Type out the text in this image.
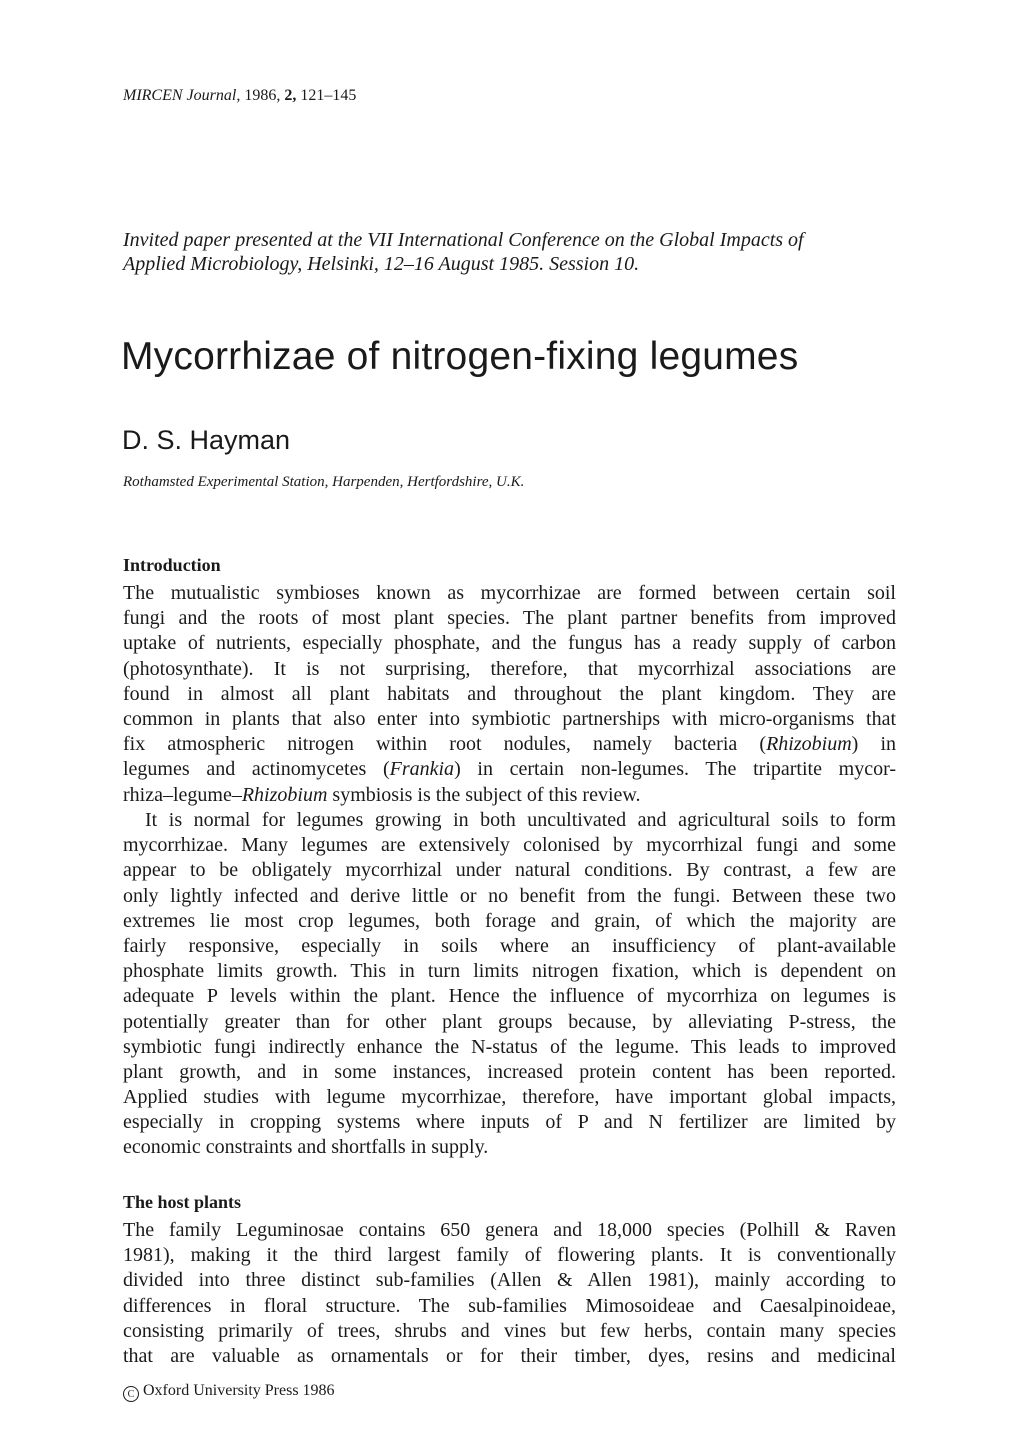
MIRCEN Journal, 1986, 2, 121–145
Invited paper presented at the VII International Conference on the Global Impacts of
Applied Microbiology, Helsinki, 12–16 August 1985. Session 10.
Mycorrhizae of nitrogen-fixing legumes
D. S. Hayman
Rothamsted Experimental Station, Harpenden, Hertfordshire, U.K.
Introduction
The mutualistic symbioses known as mycorrhizae are formed between certain soil
fungi and the roots of most plant species. The plant partner benefits from improved
uptake of nutrients, especially phosphate, and the fungus has a ready supply of carbon
(photosynthate). It is not surprising, therefore, that mycorrhizal associations are
found in almost all plant habitats and throughout the plant kingdom. They are
common in plants that also enter into symbiotic partnerships with micro-organisms that
fix atmospheric nitrogen within root nodules, namely bacteria (Rhizobium) in
legumes and actinomycetes (Frankia) in certain non-legumes. The tripartite mycor-
rhiza–legume–Rhizobium symbiosis is the subject of this review.
It is normal for legumes growing in both uncultivated and agricultural soils to form
mycorrhizae. Many legumes are extensively colonised by mycorrhizal fungi and some
appear to be obligately mycorrhizal under natural conditions. By contrast, a few are
only lightly infected and derive little or no benefit from the fungi. Between these two
extremes lie most crop legumes, both forage and grain, of which the majority are
fairly responsive, especially in soils where an insufficiency of plant-available
phosphate limits growth. This in turn limits nitrogen fixation, which is dependent on
adequate P levels within the plant. Hence the influence of mycorrhiza on legumes is
potentially greater than for other plant groups because, by alleviating P-stress, the
symbiotic fungi indirectly enhance the N-status of the legume. This leads to improved
plant growth, and in some instances, increased protein content has been reported.
Applied studies with legume mycorrhizae, therefore, have important global impacts,
especially in cropping systems where inputs of P and N fertilizer are limited by
economic constraints and shortfalls in supply.
The host plants
The family Leguminosae contains 650 genera and 18,000 species (Polhill & Raven
1981), making it the third largest family of flowering plants. It is conventionally
divided into three distinct sub-families (Allen & Allen 1981), mainly according to
differences in floral structure. The sub-families Mimosoideae and Caesalpinoideae,
consisting primarily of trees, shrubs and vines but few herbs, contain many species
that are valuable as ornamentals or for their timber, dyes, resins and medicinal
C Oxford University Press 1986
